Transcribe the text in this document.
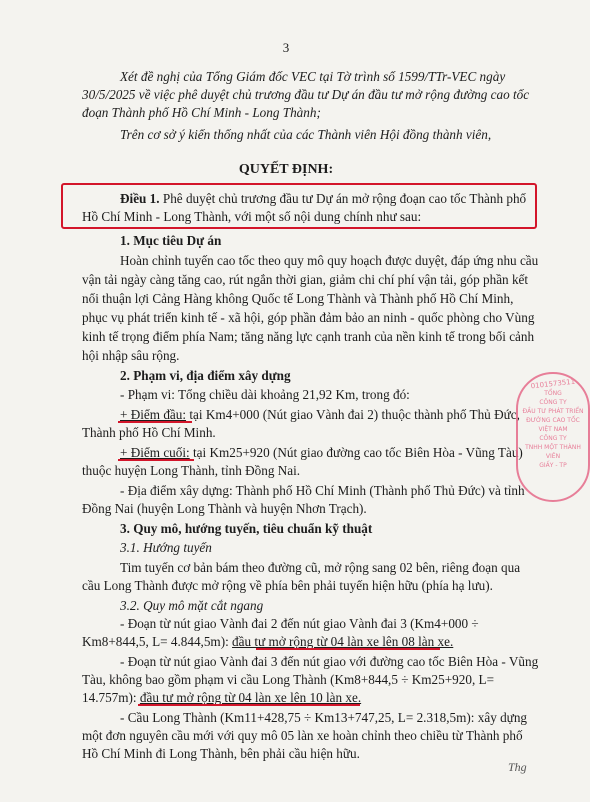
3
Xét đề nghị của Tổng Giám đốc VEC tại Tờ trình số 1599/TTr-VEC ngày
30/5/2025 về việc phê duyệt chủ trương đầu tư Dự án đầu tư mở rộng đường cao tốc
đoạn Thành phố Hồ Chí Minh - Long Thành;
Trên cơ sở ý kiến thống nhất của các Thành viên Hội đồng thành viên,
QUYẾT ĐỊNH:
Điều 1. Phê duyệt chủ trương đầu tư Dự án mở rộng đoạn cao tốc Thành phố
Hồ Chí Minh - Long Thành, với một số nội dung chính như sau:
1. Mục tiêu Dự án
Hoàn chỉnh tuyến cao tốc theo quy mô quy hoạch được duyệt, đáp ứng nhu cầu
vận tải ngày càng tăng cao, rút ngắn thời gian, giảm chi chí phí vận tải, góp phần kết
nối thuận lợi Cảng Hàng không Quốc tế Long Thành và Thành phố Hồ Chí Minh,
phục vụ phát triển kinh tế - xã hội, góp phần đảm bảo an ninh - quốc phòng cho Vùng
kinh tế trọng điểm phía Nam; tăng năng lực cạnh tranh của nền kinh tế trong bối cảnh
hội nhập sâu rộng.
2. Phạm vi, địa điểm xây dựng
- Phạm vi: Tổng chiều dài khoảng 21,92 Km, trong đó:
+ Điểm đầu: tại Km4+000 (Nút giao Vành đai 2) thuộc thành phố Thủ Đức,
Thành phố Hồ Chí Minh.
+ Điểm cuối: tại Km25+920 (Nút giao đường cao tốc Biên Hòa - Vũng Tàu)
thuộc huyện Long Thành, tỉnh Đồng Nai.
- Địa điểm xây dựng: Thành phố Hồ Chí Minh (Thành phố Thủ Đức) và tỉnh
Đồng Nai (huyện Long Thành và huyện Nhơn Trạch).
3. Quy mô, hướng tuyến, tiêu chuẩn kỹ thuật
3.1. Hướng tuyến
Tim tuyến cơ bản bám theo đường cũ, mở rộng sang 02 bên, riêng đoạn qua
cầu Long Thành được mở rộng về phía bên phải tuyến hiện hữu (phía hạ lưu).
3.2. Quy mô mặt cắt ngang
- Đoạn từ nút giao Vành đai 2 đến nút giao Vành đai 3 (Km4+000 ÷
Km8+844,5, L= 4.844,5m): đầu tư mở rộng từ 04 làn xe lên 08 làn xe.
- Đoạn từ nút giao Vành đai 3 đến nút giao với đường cao tốc Biên Hòa - Vũng
Tàu, không bao gồm phạm vi cầu Long Thành (Km8+844,5 ÷ Km25+920, L=
14.757m): đầu tư mở rộng từ 04 làn xe lên 10 làn xe.
- Cầu Long Thành (Km11+428,75 ÷ Km13+747,25, L= 2.318,5m): xây dựng
một đơn nguyên cầu mới với quy mô 05 làn xe hoàn chỉnh theo chiều từ Thành phố
Hồ Chí Minh đi Long Thành, bên phải cầu hiện hữu.
0101573511
TỔNG
CÔNG TY
ĐẦU TƯ PHÁT TRIỂN
ĐƯỜNG CAO TỐC
VIỆT NAM
CÔNG TY
TNHH MỘT THÀNH VIÊN
GIẤY - TP
Thg
